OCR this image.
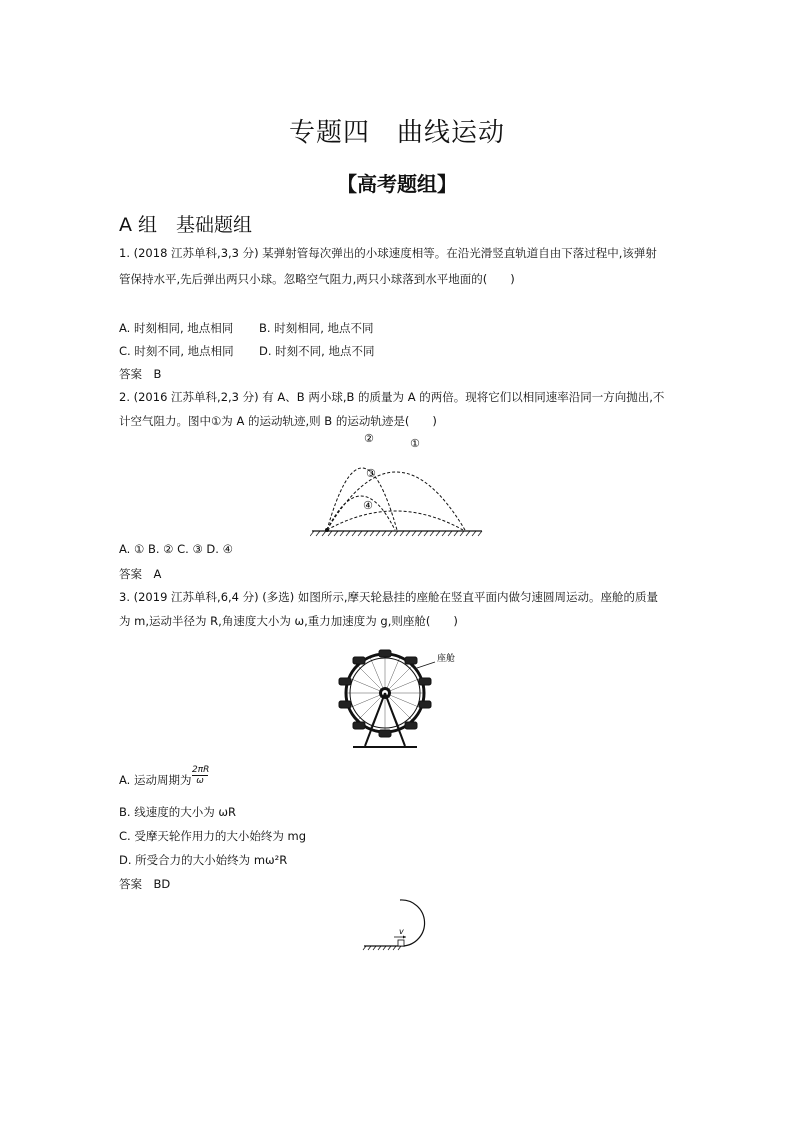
专题四　曲线运动
【高考题组】
A 组　基础题组
1. (2018 江苏单科,3,3 分) 某弹射管每次弹出的小球速度相等。在沿光滑竖直轨道自由下落过程中,该弹射
管保持水平,先后弹出两只小球。忽略空气阻力,两只小球落到水平地面的(　　)
A. 时刻相同, 地点相同 B. 时刻相同, 地点不同
C. 时刻不同, 地点相同 D. 时刻不同, 地点不同
答案　B
2. (2016 江苏单科,2,3 分) 有 A、B 两小球,B 的质量为 A 的两倍。现将它们以相同速率沿同一方向抛出,不
计空气阻力。图中①为 A 的运动轨迹,则 B 的运动轨迹是(　　)
②	①
③
④
A. ① B. ② C. ③ D. ④
答案　A
3. (2019 江苏单科,6,4 分) (多选) 如图所示,摩天轮悬挂的座舱在竖直平面内做匀速圆周运动。座舱的质量
为 m,运动半径为 R,角速度大小为 ω,重力加速度为 g,则座舱(　　)
座舱
A. 运动周期为 $\frac{2\pi R}{\omega}$
B. 线速度的大小为 ωR
C. 受摩天轮作用力的大小始终为 mg
D. 所受合力的大小始终为 mω²R
答案　BD
v
